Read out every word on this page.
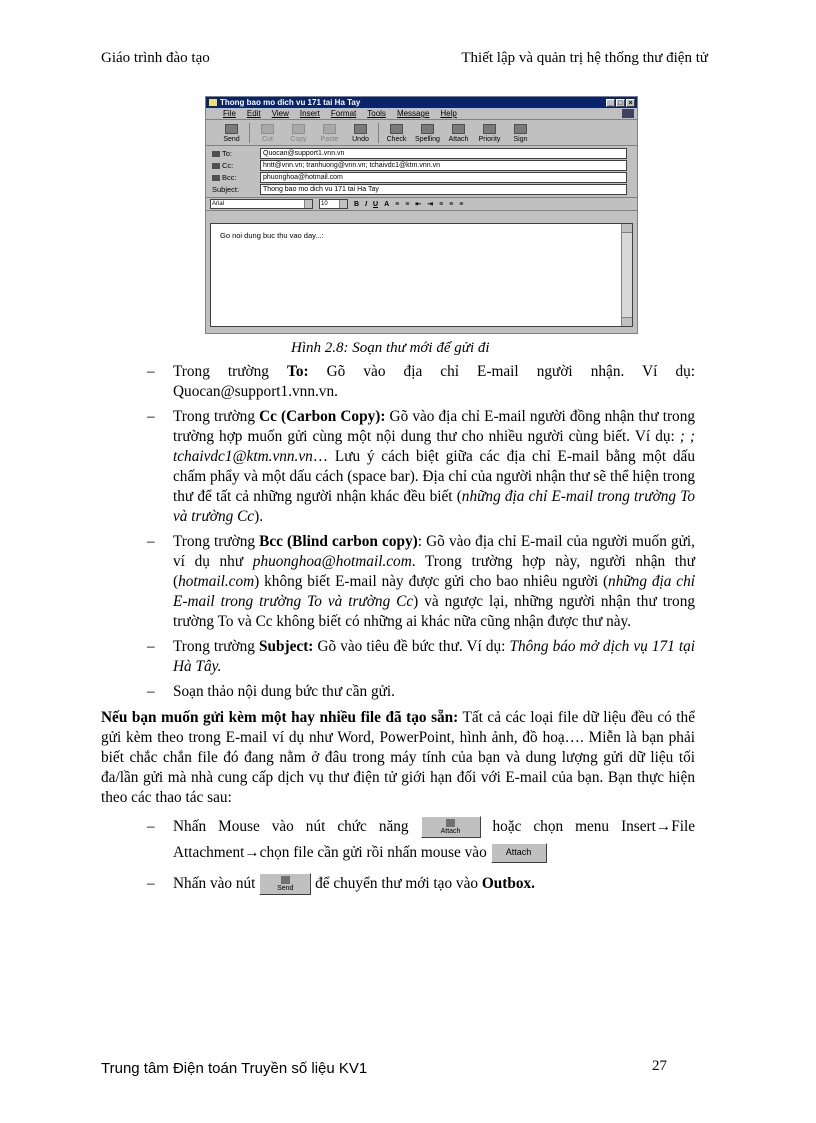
Giáo trình đào tạo	Thiết lập và quản trị hệ thống thư điện tử
Thong bao mo dich vu 171 tai Ha Tay	_ □ ×
File Edit View Insert Format Tools Message Help
Send	Cut Copy Paste Undo	Check Spelling Attach Priority Sign
To:	Quocan@support1.vnn.vn
Cc:	hntt@vnn.vn; tranhuong@vnn.vn; tchaivdc1@ktm.vnn.vn
Bcc:	phuonghoa@hotmail.com
Subject:	Thong bao mo dich vu 171 tai Ha Tay
Arial	10	B I U A ≡ ≡ ⇤ ⇥ ≡ ≡ ≡
Go noi dung buc thu vao day...:
Hình 2.8: Soạn thư mới để gửi đi
–	Trong trường To: Gõ vào địa chỉ E-mail người nhận. Ví dụ: Quocan@support1.vnn.vn.
–	Trong trường Cc (Carbon Copy): Gõ vào địa chỉ E-mail người đồng nhận thư trong trường hợp muốn gửi cùng một nội dung thư cho nhiều người cùng biết. Ví dụ: ; ; tchaivdc1@ktm.vnn.vn… Lưu ý cách biệt giữa các địa chỉ E-mail bằng một dấu chấm phẩy và một dấu cách (space bar). Địa chỉ của người nhận thư sẽ thể hiện trong thư để tất cả những người nhận khác đều biết (những địa chỉ E-mail trong trường To và trường Cc).
–	Trong trường Bcc (Blind carbon copy): Gõ vào địa chỉ E-mail của người muốn gửi, ví dụ như phuonghoa@hotmail.com. Trong trường hợp này, người nhận thư (hotmail.com) không biết E-mail này được gửi cho bao nhiêu người (những địa chỉ E-mail trong trường To và trường Cc) và ngược lại, những người nhận thư trong trường To và Cc không biết có những ai khác nữa cũng nhận được thư này.
–	Trong trường Subject: Gõ vào tiêu đề bức thư. Ví dụ: Thông báo mở dịch vụ 171 tại Hà Tây.
–	Soạn thảo nội dung bức thư cần gửi.
Nếu bạn muốn gửi kèm một hay nhiều file đã tạo sẵn: Tất cả các loại file dữ liệu đều có thể gửi kèm theo trong E-mail ví dụ như Word, PowerPoint, hình ảnh, đồ hoạ…. Miễn là bạn phải biết chắc chắn file đó đang nằm ở đâu trong máy tính của bạn và dung lượng gửi dữ liệu tối đa/lần gửi mà nhà cung cấp dịch vụ thư điện tử giới hạn đối với E-mail của bạn. Bạn thực hiện theo các thao tác sau:
–	Nhấn Mouse vào nút chức năng	Attach hoặc chọn menu Insert→File Attachment→chọn file cần gửi rồi nhấn mouse vào Attach
–	Nhấn vào nút	Send để chuyển thư mới tạo vào Outbox.
Trung tâm Điện toán Truyền số liệu KV1	27
